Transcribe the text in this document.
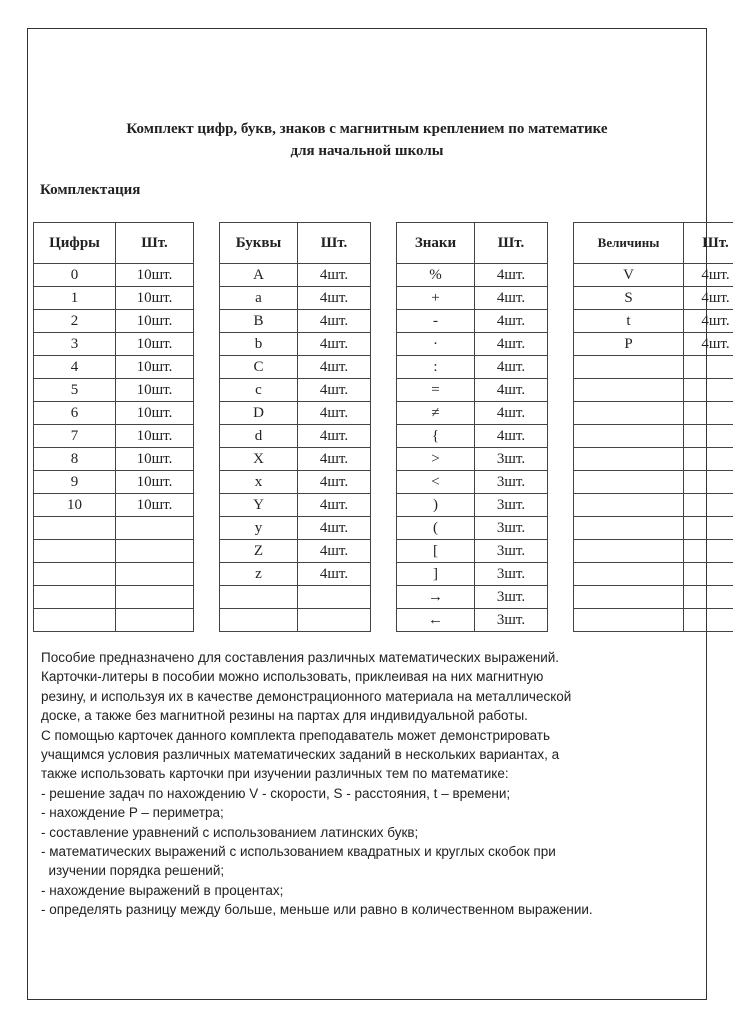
Комплект цифр, букв, знаков с магнитным креплением по математике
для начальной школы
Комплектация
Цифры	Шт.		Буквы	Шт.		Знаки	Шт.		Величины	Шт.
0	10шт.		A	4шт.		%	4шт.		V	4шт.
1	10шт.		a	4шт.		+	4шт.		S	4шт.
2	10шт.		B	4шт.		-	4шт.		t	4шт.
3	10шт.		b	4шт.		·	4шт.		P	4шт.
4	10шт.		C	4шт.		:	4шт.			
5	10шт.		c	4шт.		=	4шт.			
6	10шт.		D	4шт.		≠	4шт.			
7	10шт.		d	4шт.		{	4шт.			
8	10шт.		X	4шт.		>	3шт.			
9	10шт.		x	4шт.		<	3шт.			
10	10шт.		Y	4шт.		)	3шт.			
			y	4шт.		(	3шт.			
			Z	4шт.		[	3шт.			
			z	4шт.		]	3шт.			
						→	3шт.			
						←	3шт.			
Пособие предназначено для составления различных математических выражений.
Карточки-литеры в пособии можно использовать, приклеивая на них магнитную
резину, и используя их в качестве демонстрационного материала на металлической
доске, а также без магнитной резины на партах для индивидуальной работы.
С помощью карточек данного комплекта преподаватель может демонстрировать
учащимся условия различных математических заданий в нескольких вариантах, а
также использовать карточки при изучении различных тем по математике:
- решение задач по нахождению V - скорости, S - расстояния, t – времени;
- нахождение P – периметра;
- составление уравнений с использованием латинских букв;
- математических выражений с использованием квадратных и круглых скобок при
изучении порядка решений;
- нахождение выражений в процентах;
- определять разницу между больше, меньше или равно в количественном выражении.
